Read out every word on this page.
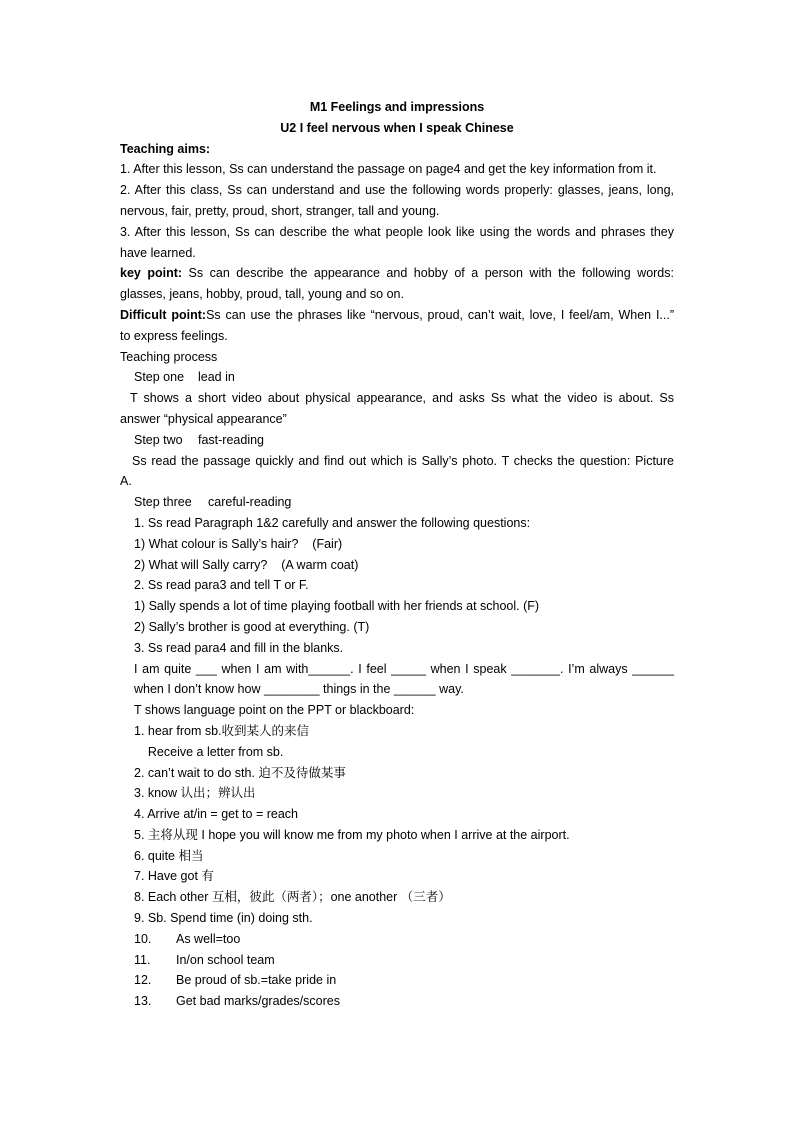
M1 Feelings and impressions
U2 I feel nervous when I speak Chinese
Teaching aims:
1. After this lesson, Ss can understand the passage on page4 and get the key information from it.
2. After this class, Ss can understand and use the following words properly: glasses, jeans, long,
nervous, fair, pretty, proud, short, stranger, tall and young.
3. After this lesson, Ss can describe the what people look like using the words and phrases they
have learned.
key point: Ss can describe the appearance and hobby of a person with the following words:
glasses, jeans, hobby, proud, tall, young and so on.
Difficult point:Ss can use the phrases like “nervous, proud, can’t wait, love, I feel/am, When I...”
to express feelings.
Teaching process
Step one lead in
T shows a short video about physical appearance, and asks Ss what the video is about. Ss
answer “physical appearance”
Step two fast-reading
Ss read the passage quickly and find out which is Sally’s photo. T checks the question: Picture
A.
Step three careful-reading
1. Ss read Paragraph 1&2 carefully and answer the following questions:
1) What colour is Sally’s hair?    (Fair)
2) What will Sally carry?    (A warm coat)
2. Ss read para3 and tell T or F.
1) Sally spends a lot of time playing football with her friends at school. (F)
2) Sally’s brother is good at everything. (T)
3. Ss read para4 and fill in the blanks.
I am quite ___ when I am with______. I feel _____ when I speak _______. I’m always ______
when I don’t know how ________ things in the ______ way.
T shows language point on the PPT or blackboard:
1. hear from sb.收到某人的来信
Receive a letter from sb.
2. can’t wait to do sth. 迫不及待做某事
3. know 认出；辨认出
4. Arrive at/in = get to = reach
5. 主将从现 I hope you will know me from my photo when I arrive at the airport.
6. quite 相当
7. Have got 有
8. Each other 互相，彼此（两者）；one another （三者）
9. Sb. Spend time (in) doing sth.
10. As well=too
11. In/on school team
12. Be proud of sb.=take pride in
13. Get bad marks/grades/scores
